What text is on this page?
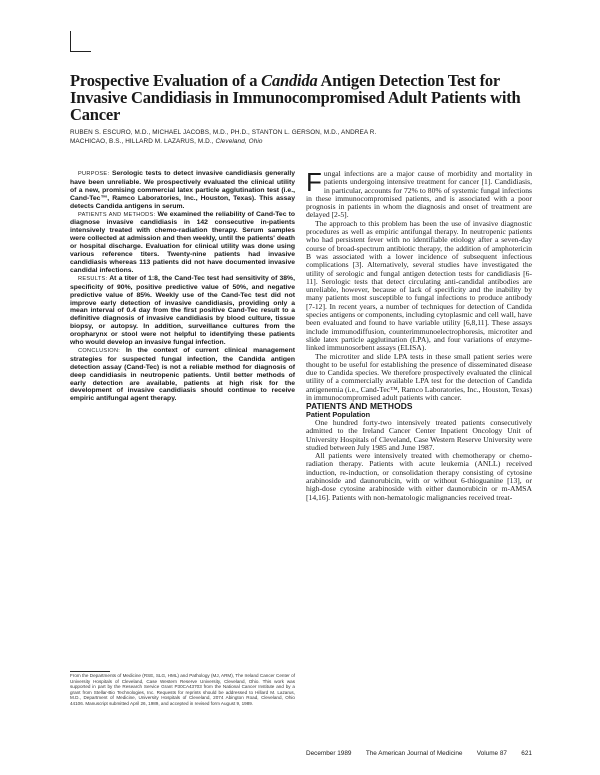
Prospective Evaluation of a Candida Antigen Detection Test for Invasive Candidiasis in Immunocompromised Adult Patients with Cancer

RUBEN S. ESCURO, M.D., MICHAEL JACOBS, M.D., PH.D., STANTON L. GERSON, M.D., ANDREA R. MACHICAO, B.S., HILLARD M. LAZARUS, M.D., Cleveland, Ohio

PURPOSE: Serologic tests to detect invasive candidiasis generally have been unreliable. We prospectively evaluated the clinical utility of a new, promising commercial latex particle agglutination test (i.e., Cand-Tec™, Ramco Laboratories, Inc., Houston, Texas). This assay detects Candida antigens in serum.

PATIENTS AND METHODS: We examined the reliability of Cand-Tec to diagnose invasive candidiasis in 142 consecutive in-patients intensively treated with chemo-radiation therapy. Serum samples were collected at admission and then weekly, until the patients' death or hospital discharge. Evaluation for clinical utility was done using various reference titers. Twenty-nine patients had invasive candidiasis whereas 113 patients did not have documented invasive candidal infections.

RESULTS: At a titer of 1:8, the Cand-Tec test had sensitivity of 38%, specificity of 90%, positive predictive value of 50%, and negative predictive value of 85%. Weekly use of the Cand-Tec test did not improve early detection of invasive candidiasis, providing only a mean interval of 0.4 day from the first positive Cand-Tec result to a definitive diagnosis of invasive candidiasis by blood culture, tissue biopsy, or autopsy. In addition, surveillance cultures from the oropharynx or stool were not helpful to identifying these patients who would develop an invasive fungal infection.

CONCLUSION: In the context of current clinical management strategies for suspected fungal infection, the Candida antigen detection assay (Cand-Tec) is not a reliable method for diagnosis of deep candidiasis in neutropenic patients. Until better methods of early detection are available, patients at high risk for the development of invasive candidiasis should continue to receive empiric antifungal agent therapy.

From the Departments of Medicine (RSE, SLG, HML) and Pathology (MJ, ARM), The Ireland Cancer Center of University Hospitals of Cleveland, Case Western Reserve University, Cleveland, Ohio. This work was supported in part by the Research Service Grant P30CA43703 from the National Cancer Institute and by a grant from Stellar-Bio Technologies, Inc. Requests for reprints should be addressed to Hillard M. Lazarus, M.D., Department of Medicine, University Hospitals of Cleveland, 2074 Abington Road, Cleveland, Ohio 44106. Manuscript submitted April 26, 1989, and accepted in revised form August 9, 1989.

Fungal infections are a major cause of morbidity and mortality in patients undergoing intensive treatment for cancer [1]. Candidiasis, in particular, accounts for 72% to 80% of systemic fungal infections in these immunocompromised patients, and is associated with a poor prognosis in patients in whom the diagnosis and onset of treatment are delayed [2-5].

The approach to this problem has been the use of invasive diagnostic procedures as well as empiric antifungal therapy. In neutropenic patients who had persistent fever with no identifiable etiology after a seven-day course of broad-spectrum antibiotic therapy, the addition of amphotericin B was associated with a lower incidence of subsequent infectious complications [3]. Alternatively, several studies have investigated the utility of serologic and fungal antigen detection tests for candidiasis [6-11]. Serologic tests that detect circulating anti-candidal antibodies are unreliable, however, because of lack of specificity and the inability by many patients most susceptible to fungal infections to produce antibody [7-12]. In recent years, a number of techniques for detection of Candida species antigens or components, including cytoplasmic and cell wall, have been evaluated and found to have variable utility [6,8,11]. These assays include immunodiffusion, counterimmunoelectrophoresis, microtiter and slide latex particle agglutination (LPA), and four variations of enzyme-linked immunosorbent assays (ELISA).

The microtiter and slide LPA tests in these small patient series were thought to be useful for establishing the presence of disseminated disease due to Candida species. We therefore prospectively evaluated the clinical utility of a commercially available LPA test for the detection of Candida antigenemia (i.e., Cand-Tec™, Ramco Laboratories, Inc., Houston, Texas) in immunocompromised adult patients with cancer.

PATIENTS AND METHODS

Patient Population

One hundred forty-two intensively treated patients consecutively admitted to the Ireland Cancer Center Inpatient Oncology Unit of University Hospitals of Cleveland, Case Western Reserve University were studied between July 1985 and June 1987.

All patients were intensively treated with chemotherapy or chemo-radiation therapy. Patients with acute leukemia (ANLL) received induction, re-induction, or consolidation therapy consisting of cytosine arabinoside and daunorubicin, with or without 6-thioguanine [13], or high-dose cytosine arabinoside with either daunorubicin or m-AMSA [14,16]. Patients with non-hematologic malignancies received treat-

December 1989 The American Journal of Medicine Volume 87 621
